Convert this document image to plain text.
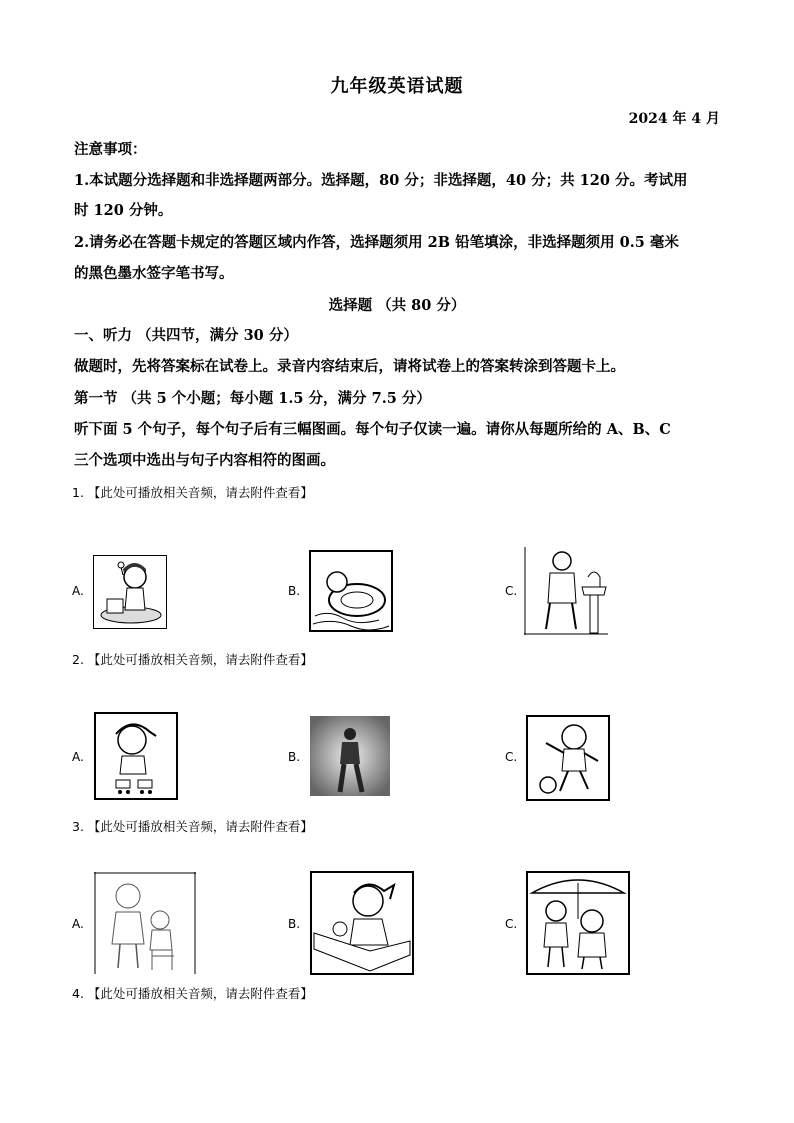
九年级英语试题
2024 年 4 月
注意事项：
1.本试题分选择题和非选择题两部分。选择题，80 分；非选择题，40 分；共 120 分。考试用
时 120 分钟。
2.请务必在答题卡规定的答题区域内作答，选择题须用 2B 铅笔填涂，非选择题须用 0.5 毫米
的黑色墨水签字笔书写。
选择题 （共 80 分）
一、听力 （共四节，满分 30 分）
做题时，先将答案标在试卷上。录音内容结束后，请将试卷上的答案转涂到答题卡上。
第一节 （共 5 个小题；每小题 1.5 分，满分 7.5 分）
听下面 5 个句子，每个句子后有三幅图画。每个句子仅读一遍。请你从每题所给的 A、B、C
三个选项中选出与句子内容相符的图画。
1. 【此处可播放相关音频，请去附件查看】
A.	B.	C.
2. 【此处可播放相关音频，请去附件查看】
A.	B.	C.
3. 【此处可播放相关音频，请去附件查看】
A.	B.	C.
4. 【此处可播放相关音频，请去附件查看】
